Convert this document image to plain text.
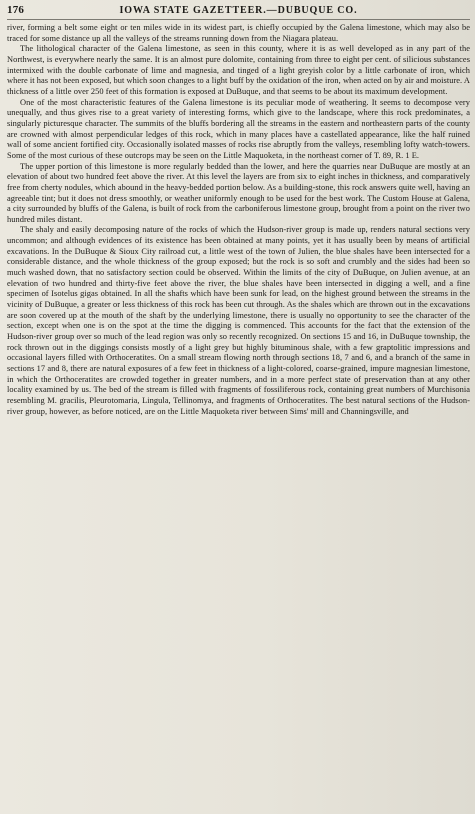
176	IOWA STATE GAZETTEER.—DUBUQUE CO.

river, forming a belt some eight or ten miles wide in its widest part, is chiefly occupied by the Galena limestone, which may also be traced for some distance up all the valleys of the streams running down from the Niagara plateau.

The lithological character of the Galena limestone, as seen in this county, where it is as well developed as in any part of the Northwest, is everywhere nearly the same. It is an almost pure dolomite, containing from three to eight per cent. of silicious substances intermixed with the double carbonate of lime and magnesia, and tinged of a light greyish color by a little carbonate of iron, which where it has not been exposed, but which soon changes to a light buff by the oxidation of the iron, when acted on by air and moisture. A thickness of a little over 250 feet of this formation is exposed at DuBuque, and that seems to be about its maximum development.

One of the most characteristic features of the Galena limestone is its peculiar mode of weathering. It seems to decompose very unequally, and thus gives rise to a great variety of interesting forms, which give to the landscape, where this rock predominates, a singularly picturesque character. The summits of the bluffs bordering all the streams in the eastern and northeastern parts of the county are crowned with almost perpendicular ledges of this rock, which in many places have a castellated appearance, like the half ruined wall of some ancient fortified city. Occasionally isolated masses of rocks rise abruptly from the valleys, resembling lofty watch-towers. Some of the most curious of these outcrops may be seen on the Little Maquoketa, in the northeast corner of T. 89, R. 1 E.

The upper portion of this limestone is more regularly bedded than the lower, and here the quarries near DuBuque are mostly at an elevation of about two hundred feet above the river. At this level the layers are from six to eight inches in thickness, and comparatively free from cherty nodules, which abound in the heavy-bedded portion below. As a building-stone, this rock answers quite well, having an agreeable tint; but it does not dress smoothly, or weather uniformly enough to be used for the best work. The Custom House at Galena, a city surrounded by bluffs of the Galena, is built of rock from the carboniferous limestone group, brought from a point on the river two hundred miles distant.

The shaly and easily decomposing nature of the rocks of which the Hudson-river group is made up, renders natural sections very uncommon; and although evidences of its existence has been obtained at many points, yet it has usually been by means of artificial excavations. In the DuBuque & Sioux City railroad cut, a little west of the town of Julien, the blue shales have been intersected for a considerable distance, and the whole thickness of the group exposed; but the rock is so soft and crumbly and the sides had been so much washed down, that no satisfactory section could be observed. Within the limits of the city of DuBuque, on Julien avenue, at an elevation of two hundred and thirty-five feet above the river, the blue shales have been intersected in digging a well, and a fine specimen of Isotelus gigas obtained. In all the shafts which have been sunk for lead, on the highest ground between the streams in the vicinity of DuBuque, a greater or less thickness of this rock has been cut through. As the shales which are thrown out in the excavations are soon covered up at the mouth of the shaft by the underlying limestone, there is usually no opportunity to see the character of the section, except when one is on the spot at the time the digging is commenced. This accounts for the fact that the extension of the Hudson-river group over so much of the lead region was only so recently recognized. On sections 15 and 16, in DuBuque township, the rock thrown out in the diggings consists mostly of a light grey but highly bituminous shale, with a few graptolitic impressions and occasional layers filled with Orthoceratites. On a small stream flowing north through sections 18, 7 and 6, and a branch of the same in sections 17 and 8, there are natural exposures of a few feet in thickness of a light-colored, coarse-grained, impure magnesian limestone, in which the Orthoceratites are crowded together in greater numbers, and in a more perfect state of preservation than at any other locality examined by us. The bed of the stream is filled with fragments of fossiliferous rock, containing great numbers of Murchisonia resembling M. gracilis, Pleurotomaria, Lingula, Tellinomya, and fragments of Orthoceratites. The best natural sections of the Hudson-river group, however, as before noticed, are on the Little Maquoketa river between Sims' mill and Channingsville, and
